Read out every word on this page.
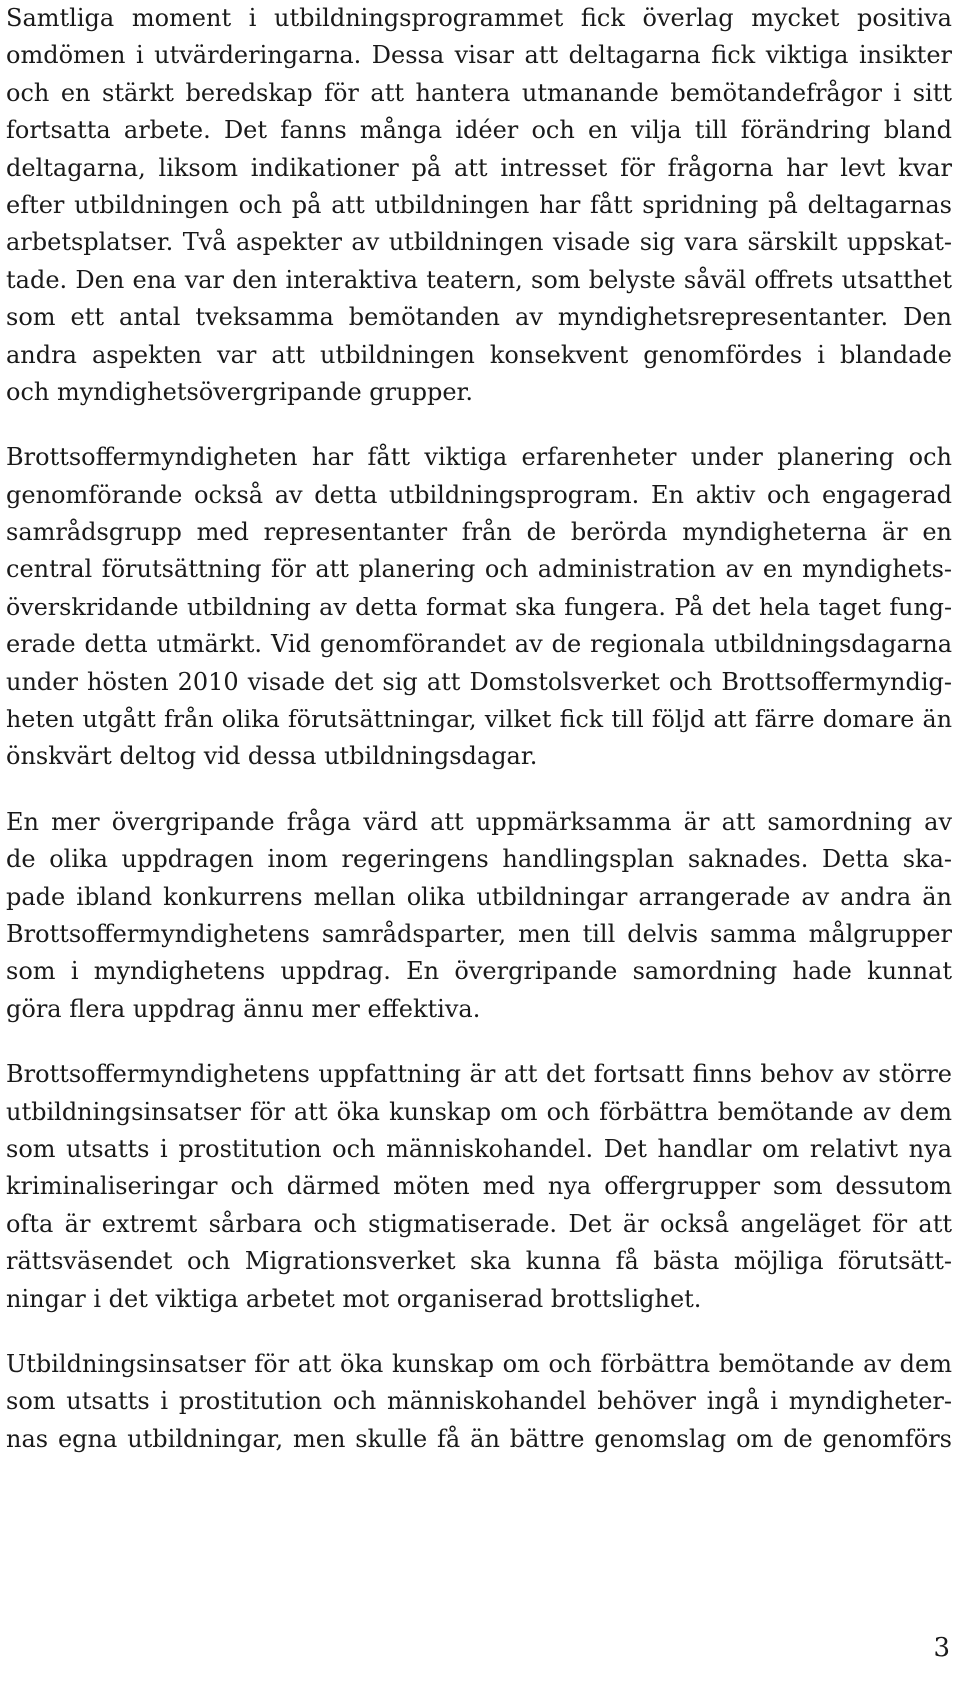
Samtliga moment i utbildningsprogrammet fick överlag mycket positiva
omdömen i utvärderingarna. Dessa visar att deltagarna fick viktiga insikter
och en stärkt beredskap för att hantera utmanande bemötandefrågor i sitt
fortsatta arbete. Det fanns många idéer och en vilja till förändring bland
deltagarna, liksom indikationer på att intresset för frågorna har levt kvar
efter utbildningen och på att utbildningen har fått spridning på deltagarnas
arbetsplatser. Två aspekter av utbildningen visade sig vara särskilt uppskat-
tade. Den ena var den interaktiva teatern, som belyste såväl offrets utsatthet
som ett antal tveksamma bemötanden av myndighetsrepresentanter. Den
andra aspekten var att utbildningen konsekvent genomfördes i blandade
och myndighetsövergripande grupper.
Brottsoffermyndigheten har fått viktiga erfarenheter under planering och
genomförande också av detta utbildningsprogram. En aktiv och engagerad
samrådsgrupp med representanter från de berörda myndigheterna är en
central förutsättning för att planering och administration av en myndighets-
överskridande utbildning av detta format ska fungera. På det hela taget fung-
erade detta utmärkt. Vid genomförandet av de regionala utbildningsdagarna
under hösten 2010 visade det sig att Domstolsverket och Brottsoffermyndig-
heten utgått från olika förutsättningar, vilket fick till följd att färre domare än
önskvärt deltog vid dessa utbildningsdagar.
En mer övergripande fråga värd att uppmärksamma är att samordning av
de olika uppdragen inom regeringens handlingsplan saknades. Detta ska-
pade ibland konkurrens mellan olika utbildningar arrangerade av andra än
Brottsoffermyndighetens samrådsparter, men till delvis samma målgrupper
som i myndighetens uppdrag. En övergripande samordning hade kunnat
göra flera uppdrag ännu mer effektiva.
Brottsoffermyndighetens uppfattning är att det fortsatt finns behov av större
utbildningsinsatser för att öka kunskap om och förbättra bemötande av dem
som utsatts i prostitution och människohandel. Det handlar om relativt nya
kriminaliseringar och därmed möten med nya offergrupper som dessutom
ofta är extremt sårbara och stigmatiserade. Det är också angeläget för att
rättsväsendet och Migrationsverket ska kunna få bästa möjliga förutsätt-
ningar i det viktiga arbetet mot organiserad brottslighet.
Utbildningsinsatser för att öka kunskap om och förbättra bemötande av dem
som utsatts i prostitution och människohandel behöver ingå i myndigheter-
nas egna utbildningar, men skulle få än bättre genomslag om de genomförs
3
